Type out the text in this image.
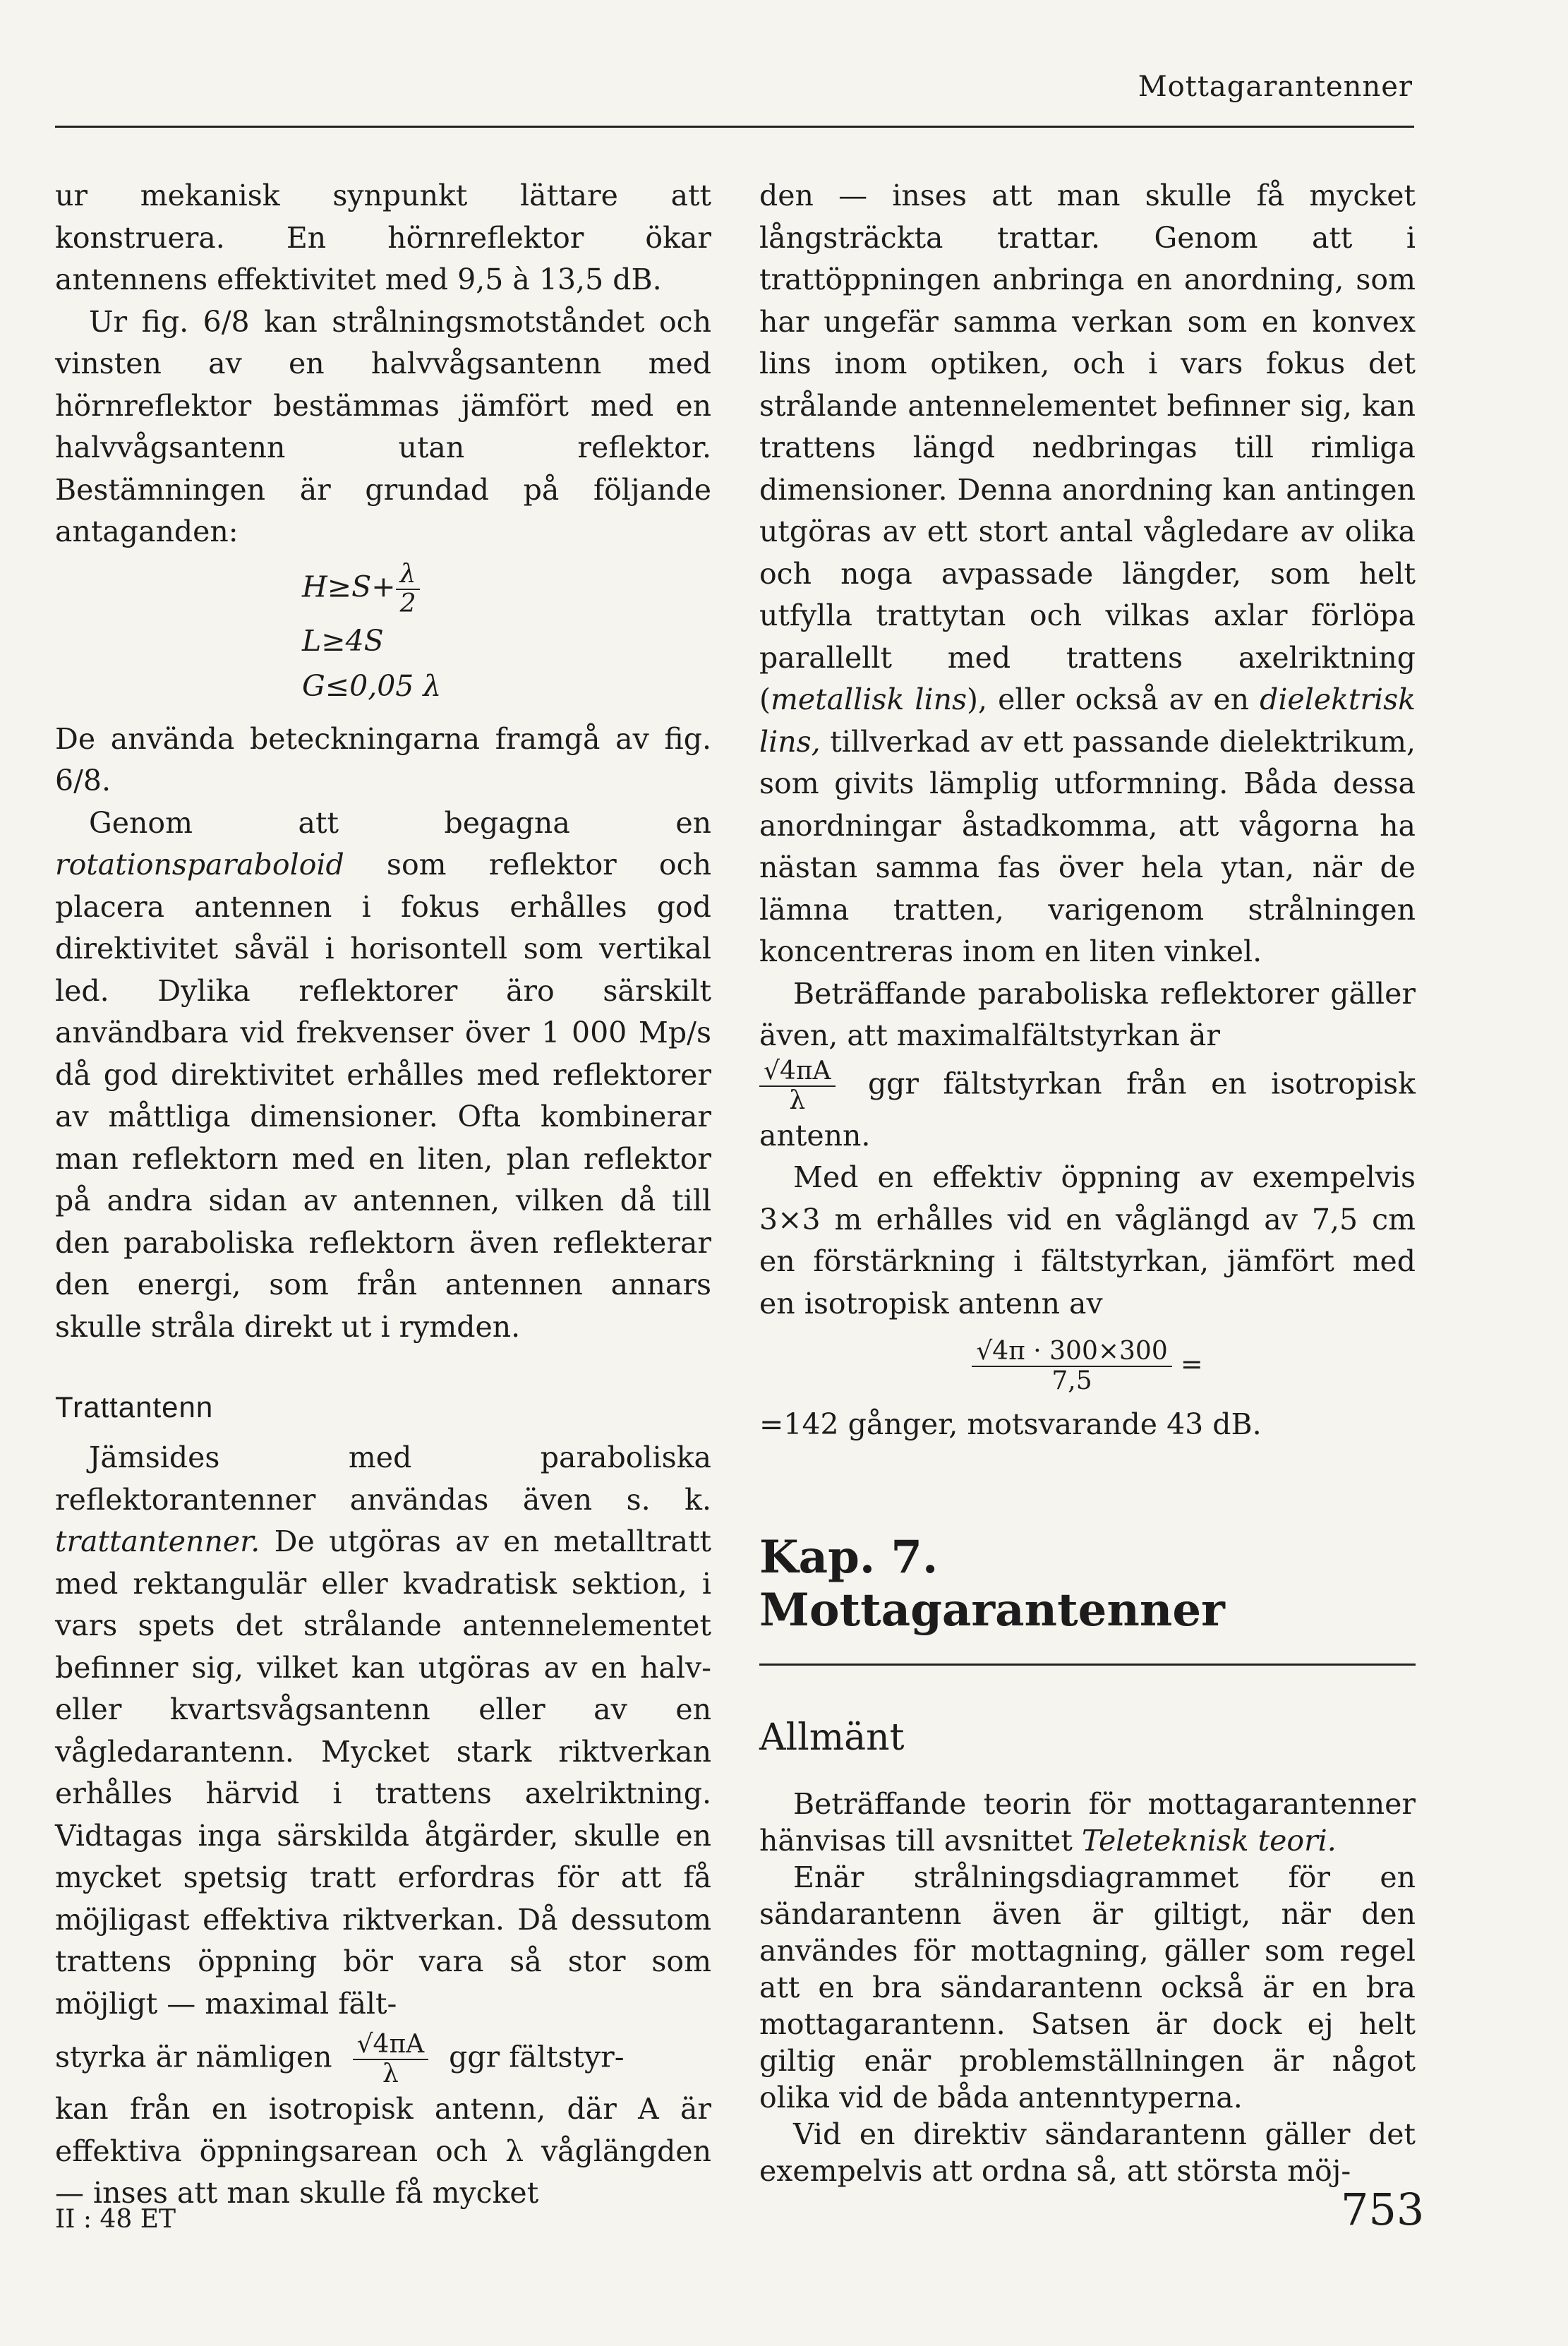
Mottagarantenner

ur mekanisk synpunkt lättare att konstruera. En hörnreflektor ökar antennens effektivitet med 9,5 à 13,5 dB.

Ur fig. 6/8 kan strålningsmotståndet och vinsten av en halvvågsantenn med hörnreflektor bestämmas jämfört med en halvvågsantenn utan reflektor. Bestämningen är grundad på följande antaganden:

$H\ge S+ \frac{\lambda}{2}$
L≥4S
G≤0,05 λ

De använda beteckningarna framgå av fig. 6/8.

Genom att begagna en rotationsparaboloid som reflektor och placera antennen i fokus erhålles god direktivitet såväl i horisontell som vertikal led. Dylika reflektorer äro särskilt användbara vid frekvenser över 1 000 Mp/s då god direktivitet erhålles med reflektorer av måttliga dimensioner. Ofta kombinerar man reflektorn med en liten, plan reflektor på andra sidan av antennen, vilken då till den paraboliska reflektorn även reflekterar den energi, som från antennen annars skulle stråla direkt ut i rymden.

Trattantenn

Jämsides med paraboliska reflektorantenner användas även s. k. trattantenner. De utgöras av en metalltratt med rektangulär eller kvadratisk sektion, i vars spets det strålande antennelementet befinner sig, vilket kan utgöras av en halv- eller kvartsvågsantenn eller av en vågledarantenn. Mycket stark riktverkan erhålles härvid i trattens axelriktning. Vidtagas inga särskilda åtgärder, skulle en mycket spetsig tratt erfordras för att få möjligast effektiva riktverkan. Då dessutom trattens öppning bör vara så stor som möjligt — maximal fält-

styrka är nämligen $\frac{√4\pi A}{\lambda}$ ggr fältstyr-

kan från en isotropisk antenn, där A är effektiva öppningsarean och λ våglängden — inses att man skulle få mycket

den — inses att man skulle få mycket långsträckta trattar. Genom att i trattöppningen anbringa en anordning, som har ungefär samma verkan som en konvex lins inom optiken, och i vars fokus det strålande antennelementet befinner sig, kan trattens längd nedbringas till rimliga dimensioner. Denna anordning kan antingen utgöras av ett stort antal vågledare av olika och noga avpassade längder, som helt utfylla trattytan och vilkas axlar förlöpa parallellt med trattens axelriktning (metallisk lins), eller också av en dielektrisk lins, tillverkad av ett passande dielektrikum, som givits lämplig utformning. Båda dessa anordningar åstadkomma, att vågorna ha nästan samma fas över hela ytan, när de lämna tratten, varigenom strålningen koncentreras inom en liten vinkel.

Beträffande paraboliska reflektorer gäller även, att maximalfältstyrkan är

$\frac{√4\pi A}{\lambda}$ ggr fältstyrkan från en isotropisk antenn.

Med en effektiv öppning av exempelvis 3×3 m erhålles vid en våglängd av 7,5 cm en förstärkning i fältstyrkan, jämfört med en isotropisk antenn av

$\frac{√4\pi \cdot 300\times 300}{7,5}$ =

=142 gånger, motsvarande 43 dB.

Kap. 7. Mottagarantenner
Allmänt

Beträffande teorin för mottagarantenner hänvisas till avsnittet Teleteknisk teori.

Enär strålningsdiagrammet för en sändarantenn även är giltigt, när den användes för mottagning, gäller som regel att en bra sändarantenn också är en bra mottagarantenn. Satsen är dock ej helt giltig enär problemställningen är något olika vid de båda antenntyperna.

Vid en direktiv sändarantenn gäller det exempelvis att ordna så, att största möj-

II : 48 ET	753
